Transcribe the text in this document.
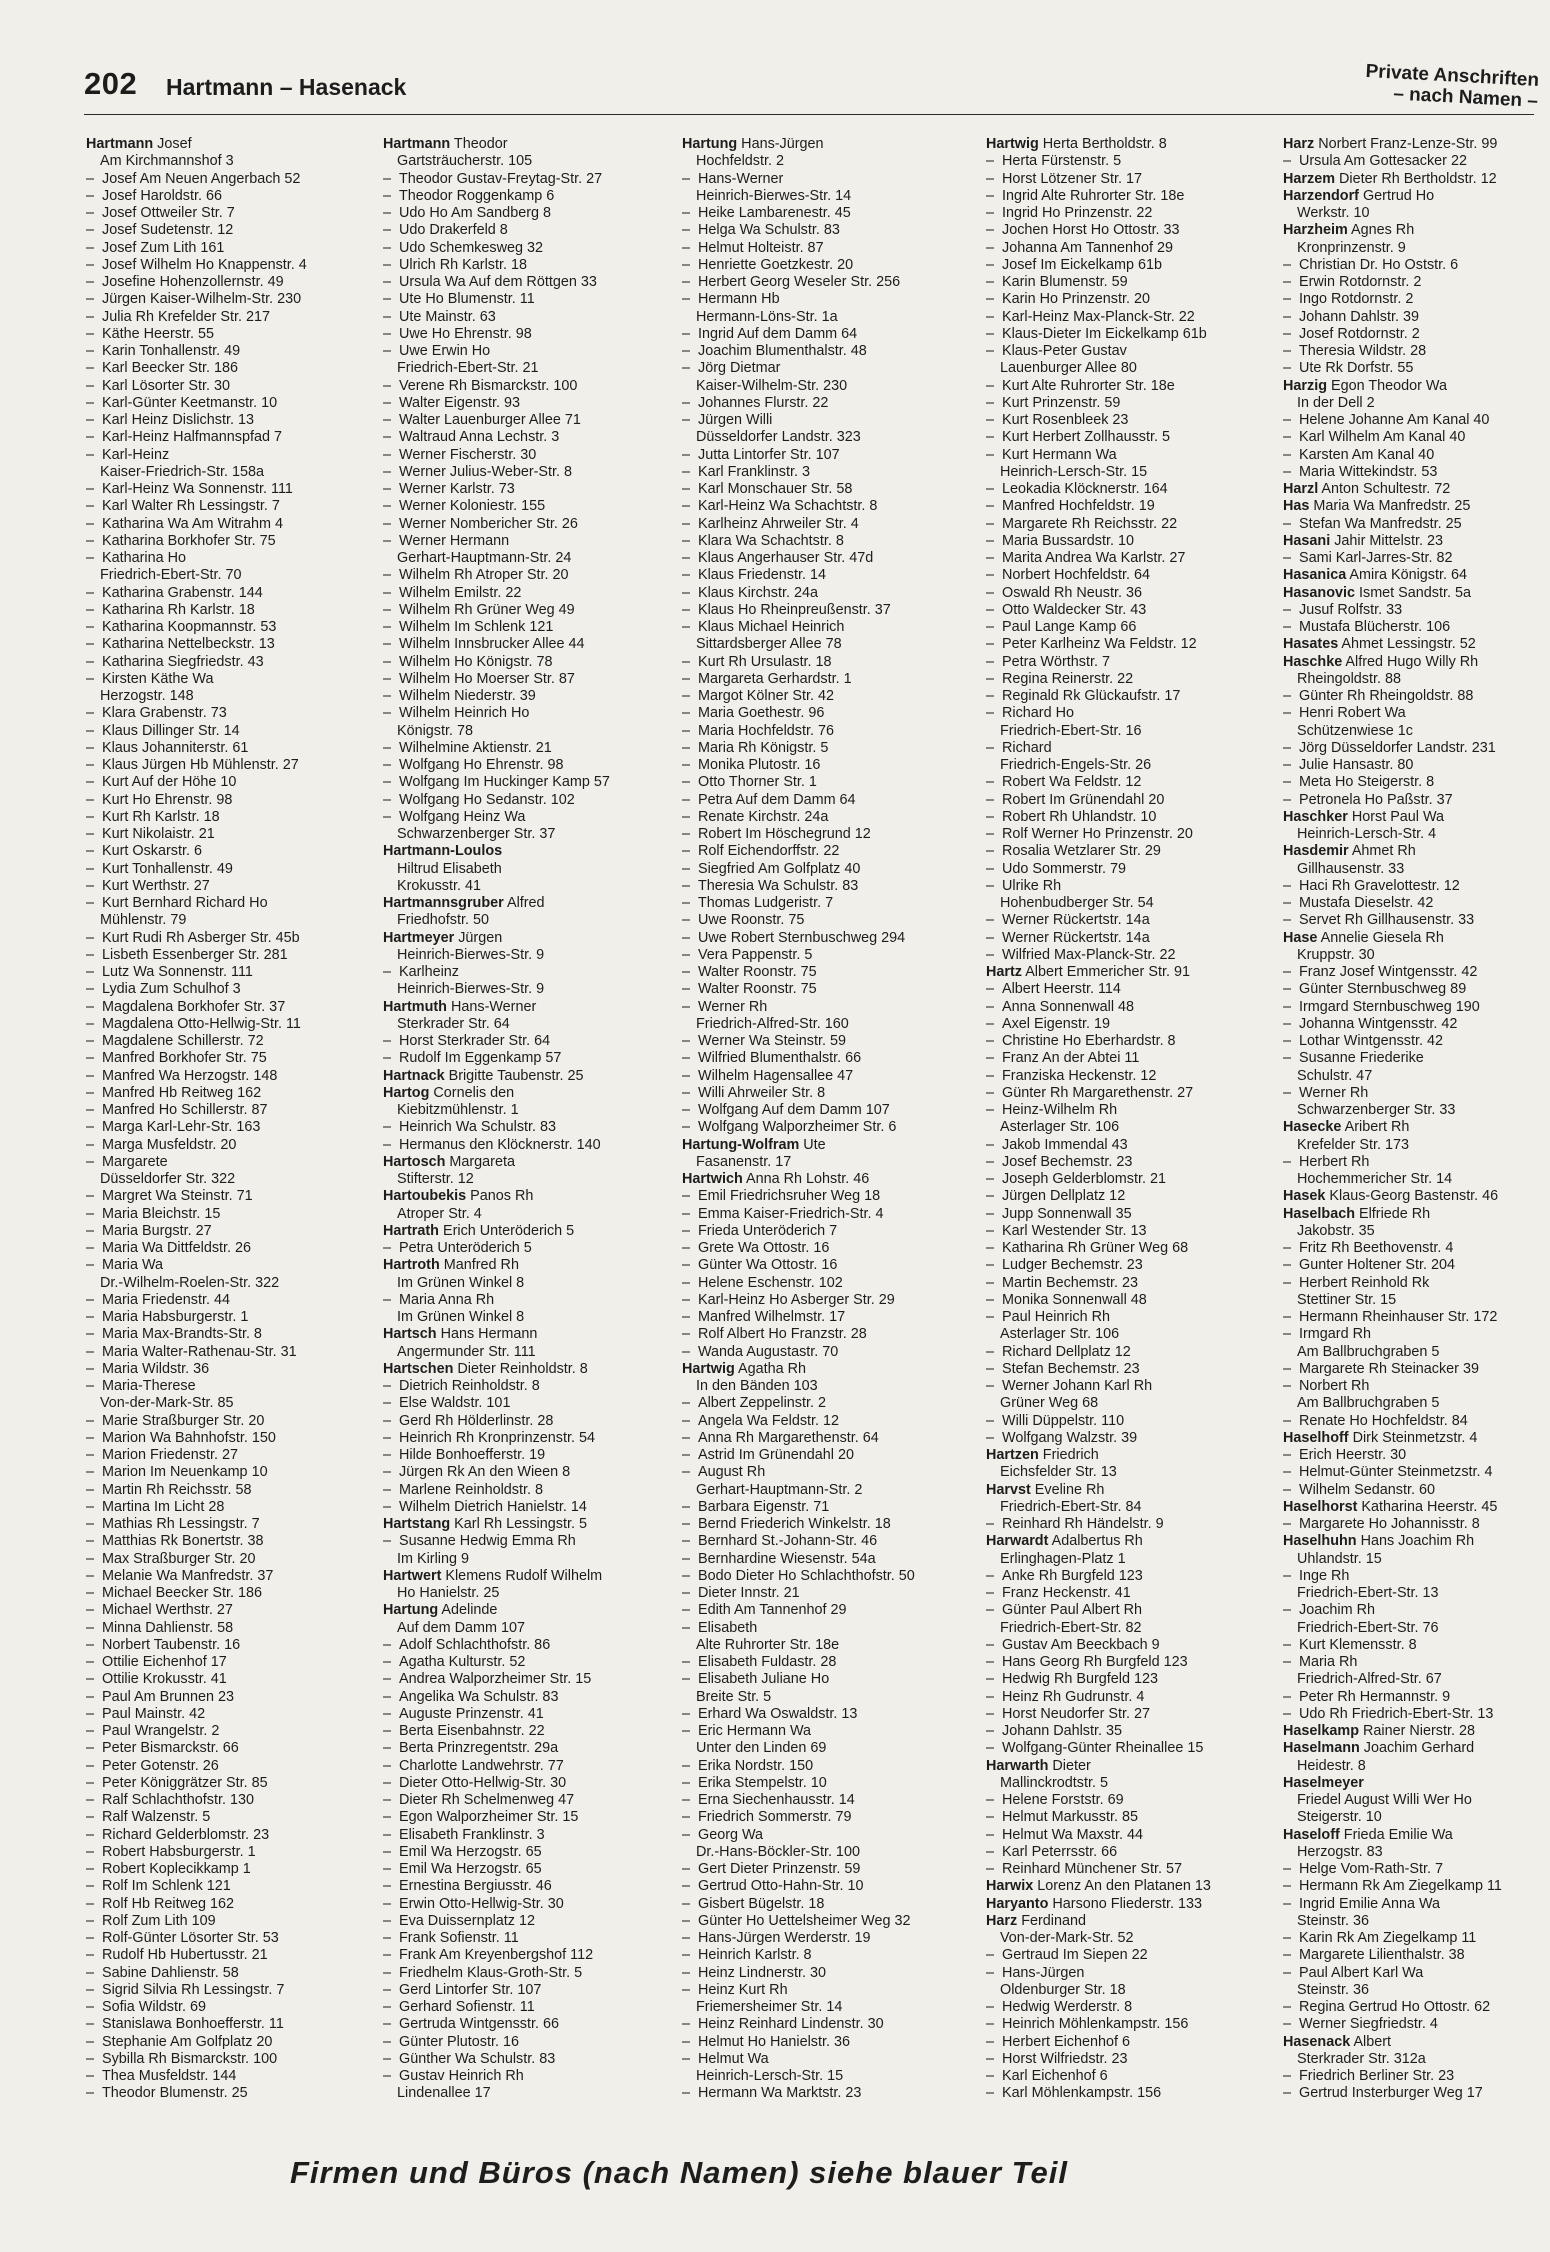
202 Hartmann – Hasenack	Private Anschriften
– nach Namen –
Hartmann Josef
Am Kirchmannshof 3
– Josef Am Neuen Angerbach 52
– Josef Haroldstr. 66
– Josef Ottweiler Str. 7
– Josef Sudetenstr. 12
– Josef Zum Lith 161
– Josef Wilhelm Ho Knappenstr. 4
– Josefine Hohenzollernstr. 49
– Jürgen Kaiser-Wilhelm-Str. 230
– Julia Rh Krefelder Str. 217
– Käthe Heerstr. 55
– Karin Tonhallenstr. 49
– Karl Beecker Str. 186
– Karl Lösorter Str. 30
– Karl-Günter Keetmanstr. 10
– Karl Heinz Dislichstr. 13
– Karl-Heinz Halfmannspfad 7
– Karl-Heinz
Kaiser-Friedrich-Str. 158a
– Karl-Heinz Wa Sonnenstr. 111
– Karl Walter Rh Lessingstr. 7
– Katharina Wa Am Witrahm 4
– Katharina Borkhofer Str. 75
– Katharina Ho
Friedrich-Ebert-Str. 70
– Katharina Grabenstr. 144
– Katharina Rh Karlstr. 18
– Katharina Koopmannstr. 53
– Katharina Nettelbeckstr. 13
– Katharina Siegfriedstr. 43
– Kirsten Käthe Wa
Herzogstr. 148
– Klara Grabenstr. 73
– Klaus Dillinger Str. 14
– Klaus Johanniterstr. 61
– Klaus Jürgen Hb Mühlenstr. 27
– Kurt Auf der Höhe 10
– Kurt Ho Ehrenstr. 98
– Kurt Rh Karlstr. 18
– Kurt Nikolaistr. 21
– Kurt Oskarstr. 6
– Kurt Tonhallenstr. 49
– Kurt Werthstr. 27
– Kurt Bernhard Richard Ho
Mühlenstr. 79
– Kurt Rudi Rh Asberger Str. 45b
– Lisbeth Essenberger Str. 281
– Lutz Wa Sonnenstr. 111
– Lydia Zum Schulhof 3
– Magdalena Borkhofer Str. 37
– Magdalena Otto-Hellwig-Str. 11
– Magdalene Schillerstr. 72
– Manfred Borkhofer Str. 75
– Manfred Wa Herzogstr. 148
– Manfred Hb Reitweg 162
– Manfred Ho Schillerstr. 87
– Marga Karl-Lehr-Str. 163
– Marga Musfeldstr. 20
– Margarete
Düsseldorfer Str. 322
– Margret Wa Steinstr. 71
– Maria Bleichstr. 15
– Maria Burgstr. 27
– Maria Wa Dittfeldstr. 26
– Maria Wa
Dr.-Wilhelm-Roelen-Str. 322
– Maria Friedenstr. 44
– Maria Habsburgerstr. 1
– Maria Max-Brandts-Str. 8
– Maria Walter-Rathenau-Str. 31
– Maria Wildstr. 36
– Maria-Therese
Von-der-Mark-Str. 85
– Marie Straßburger Str. 20
– Marion Wa Bahnhofstr. 150
– Marion Friedenstr. 27
– Marion Im Neuenkamp 10
– Martin Rh Reichsstr. 58
– Martina Im Licht 28
– Mathias Rh Lessingstr. 7
– Matthias Rk Bonertstr. 38
– Max Straßburger Str. 20
– Melanie Wa Manfredstr. 37
– Michael Beecker Str. 186
– Michael Werthstr. 27
– Minna Dahlienstr. 58
– Norbert Taubenstr. 16
– Ottilie Eichenhof 17
– Ottilie Krokusstr. 41
– Paul Am Brunnen 23
– Paul Mainstr. 42
– Paul Wrangelstr. 2
– Peter Bismarckstr. 66
– Peter Gotenstr. 26
– Peter Königgrätzer Str. 85
– Ralf Schlachthofstr. 130
– Ralf Walzenstr. 5
– Richard Gelderblomstr. 23
– Robert Habsburgerstr. 1
– Robert Koplecikkamp 1
– Rolf Im Schlenk 121
– Rolf Hb Reitweg 162
– Rolf Zum Lith 109
– Rolf-Günter Lösorter Str. 53
– Rudolf Hb Hubertusstr. 21
– Sabine Dahlienstr. 58
– Sigrid Silvia Rh Lessingstr. 7
– Sofia Wildstr. 69
– Stanislawa Bonhoefferstr. 11
– Stephanie Am Golfplatz 20
– Sybilla Rh Bismarckstr. 100
– Thea Musfeldstr. 144
– Theodor Blumenstr. 25
Hartmann Theodor
Gartsträucherstr. 105
– Theodor Gustav-Freytag-Str. 27
– Theodor Roggenkamp 6
– Udo Ho Am Sandberg 8
– Udo Drakerfeld 8
– Udo Schemkesweg 32
– Ulrich Rh Karlstr. 18
– Ursula Wa Auf dem Röttgen 33
– Ute Ho Blumenstr. 11
– Ute Mainstr. 63
– Uwe Ho Ehrenstr. 98
– Uwe Erwin Ho
Friedrich-Ebert-Str. 21
– Verene Rh Bismarckstr. 100
– Walter Eigenstr. 93
– Walter Lauenburger Allee 71
– Waltraud Anna Lechstr. 3
– Werner Fischerstr. 30
– Werner Julius-Weber-Str. 8
– Werner Karlstr. 73
– Werner Koloniestr. 155
– Werner Nombericher Str. 26
– Werner Hermann
Gerhart-Hauptmann-Str. 24
– Wilhelm Rh Atroper Str. 20
– Wilhelm Emilstr. 22
– Wilhelm Rh Grüner Weg 49
– Wilhelm Im Schlenk 121
– Wilhelm Innsbrucker Allee 44
– Wilhelm Ho Königstr. 78
– Wilhelm Ho Moerser Str. 87
– Wilhelm Niederstr. 39
– Wilhelm Heinrich Ho
Königstr. 78
– Wilhelmine Aktienstr. 21
– Wolfgang Ho Ehrenstr. 98
– Wolfgang Im Huckinger Kamp 57
– Wolfgang Ho Sedanstr. 102
– Wolfgang Heinz Wa
Schwarzenberger Str. 37
Hartmann-Loulos
Hiltrud Elisabeth
Krokusstr. 41
Hartmannsgruber Alfred
Friedhofstr. 50
Hartmeyer Jürgen
Heinrich-Bierwes-Str. 9
– Karlheinz
Heinrich-Bierwes-Str. 9
Hartmuth Hans-Werner
Sterkrader Str. 64
– Horst Sterkrader Str. 64
– Rudolf Im Eggenkamp 57
Hartnack Brigitte Taubenstr. 25
Hartog Cornelis den
Kiebitzmühlenstr. 1
– Heinrich Wa Schulstr. 83
– Hermanus den Klöcknerstr. 140
Hartosch Margareta
Stifterstr. 12
Hartoubekis Panos Rh
Atroper Str. 4
Hartrath Erich Unteröderich 5
– Petra Unteröderich 5
Hartroth Manfred Rh
Im Grünen Winkel 8
– Maria Anna Rh
Im Grünen Winkel 8
Hartsch Hans Hermann
Angermunder Str. 111
Hartschen Dieter Reinholdstr. 8
– Dietrich Reinholdstr. 8
– Else Waldstr. 101
– Gerd Rh Hölderlinstr. 28
– Heinrich Rh Kronprinzenstr. 54
– Hilde Bonhoefferstr. 19
– Jürgen Rk An den Wieen 8
– Marlene Reinholdstr. 8
– Wilhelm Dietrich Hanielstr. 14
Hartstang Karl Rh Lessingstr. 5
– Susanne Hedwig Emma Rh
Im Kirling 9
Hartwert Klemens Rudolf Wilhelm
Ho Hanielstr. 25
Hartung Adelinde
Auf dem Damm 107
– Adolf Schlachthofstr. 86
– Agatha Kulturstr. 52
– Andrea Walporzheimer Str. 15
– Angelika Wa Schulstr. 83
– Auguste Prinzenstr. 41
– Berta Eisenbahnstr. 22
– Berta Prinzregentstr. 29a
– Charlotte Landwehrstr. 77
– Dieter Otto-Hellwig-Str. 30
– Dieter Rh Schelmenweg 47
– Egon Walporzheimer Str. 15
– Elisabeth Franklinstr. 3
– Emil Wa Herzogstr. 65
– Emil Wa Herzogstr. 65
– Ernestina Bergiusstr. 46
– Erwin Otto-Hellwig-Str. 30
– Eva Duissernplatz 12
– Frank Sofienstr. 11
– Frank Am Kreyenbergshof 112
– Friedhelm Klaus-Groth-Str. 5
– Gerd Lintorfer Str. 107
– Gerhard Sofienstr. 11
– Gertruda Wintgensstr. 66
– Günter Plutostr. 16
– Günther Wa Schulstr. 83
– Gustav Heinrich Rh
Lindenallee 17
Hartung Hans-Jürgen
Hochfeldstr. 2
– Hans-Werner
Heinrich-Bierwes-Str. 14
– Heike Lambarenestr. 45
– Helga Wa Schulstr. 83
– Helmut Holteistr. 87
– Henriette Goetzkestr. 20
– Herbert Georg Weseler Str. 256
– Hermann Hb
Hermann-Löns-Str. 1a
– Ingrid Auf dem Damm 64
– Joachim Blumenthalstr. 48
– Jörg Dietmar
Kaiser-Wilhelm-Str. 230
– Johannes Flurstr. 22
– Jürgen Willi
Düsseldorfer Landstr. 323
– Jutta Lintorfer Str. 107
– Karl Franklinstr. 3
– Karl Monschauer Str. 58
– Karl-Heinz Wa Schachtstr. 8
– Karlheinz Ahrweiler Str. 4
– Klara Wa Schachtstr. 8
– Klaus Angerhauser Str. 47d
– Klaus Friedenstr. 14
– Klaus Kirchstr. 24a
– Klaus Ho Rheinpreußenstr. 37
– Klaus Michael Heinrich
Sittardsberger Allee 78
– Kurt Rh Ursulastr. 18
– Margareta Gerhardstr. 1
– Margot Kölner Str. 42
– Maria Goethestr. 96
– Maria Hochfeldstr. 76
– Maria Rh Königstr. 5
– Monika Plutostr. 16
– Otto Thorner Str. 1
– Petra Auf dem Damm 64
– Renate Kirchstr. 24a
– Robert Im Höschegrund 12
– Rolf Eichendorffstr. 22
– Siegfried Am Golfplatz 40
– Theresia Wa Schulstr. 83
– Thomas Ludgeristr. 7
– Uwe Roonstr. 75
– Uwe Robert Sternbuschweg 294
– Vera Pappenstr. 5
– Walter Roonstr. 75
– Walter Roonstr. 75
– Werner Rh
Friedrich-Alfred-Str. 160
– Werner Wa Steinstr. 59
– Wilfried Blumenthalstr. 66
– Wilhelm Hagensallee 47
– Willi Ahrweiler Str. 8
– Wolfgang Auf dem Damm 107
– Wolfgang Walporzheimer Str. 6
Hartung-Wolfram Ute
Fasanenstr. 17
Hartwich Anna Rh Lohstr. 46
– Emil Friedrichsruher Weg 18
– Emma Kaiser-Friedrich-Str. 4
– Frieda Unteröderich 7
– Grete Wa Ottostr. 16
– Günter Wa Ottostr. 16
– Helene Eschenstr. 102
– Karl-Heinz Ho Asberger Str. 29
– Manfred Wilhelmstr. 17
– Rolf Albert Ho Franzstr. 28
– Wanda Augustastr. 70
Hartwig Agatha Rh
In den Bänden 103
– Albert Zeppelinstr. 2
– Angela Wa Feldstr. 12
– Anna Rh Margarethenstr. 64
– Astrid Im Grünendahl 20
– August Rh
Gerhart-Hauptmann-Str. 2
– Barbara Eigenstr. 71
– Bernd Friederich Winkelstr. 18
– Bernhard St.-Johann-Str. 46
– Bernhardine Wiesenstr. 54a
– Bodo Dieter Ho Schlachthofstr. 50
– Dieter Innstr. 21
– Edith Am Tannenhof 29
– Elisabeth
Alte Ruhrorter Str. 18e
– Elisabeth Fuldastr. 28
– Elisabeth Juliane Ho
Breite Str. 5
– Erhard Wa Oswaldstr. 13
– Eric Hermann Wa
Unter den Linden 69
– Erika Nordstr. 150
– Erika Stempelstr. 10
– Erna Siechenhausstr. 14
– Friedrich Sommerstr. 79
– Georg Wa
Dr.-Hans-Böckler-Str. 100
– Gert Dieter Prinzenstr. 59
– Gertrud Otto-Hahn-Str. 10
– Gisbert Bügelstr. 18
– Günter Ho Uettelsheimer Weg 32
– Hans-Jürgen Werderstr. 19
– Heinrich Karlstr. 8
– Heinz Lindnerstr. 30
– Heinz Kurt Rh
Friemersheimer Str. 14
– Heinz Reinhard Lindenstr. 30
– Helmut Ho Hanielstr. 36
– Helmut Wa
Heinrich-Lersch-Str. 15
– Hermann Wa Marktstr. 23
Hartwig Herta Bertholdstr. 8
– Herta Fürstenstr. 5
– Horst Lötzener Str. 17
– Ingrid Alte Ruhrorter Str. 18e
– Ingrid Ho Prinzenstr. 22
– Jochen Horst Ho Ottostr. 33
– Johanna Am Tannenhof 29
– Josef Im Eickelkamp 61b
– Karin Blumenstr. 59
– Karin Ho Prinzenstr. 20
– Karl-Heinz Max-Planck-Str. 22
– Klaus-Dieter Im Eickelkamp 61b
– Klaus-Peter Gustav
Lauenburger Allee 80
– Kurt Alte Ruhrorter Str. 18e
– Kurt Prinzenstr. 59
– Kurt Rosenbleek 23
– Kurt Herbert Zollhausstr. 5
– Kurt Hermann Wa
Heinrich-Lersch-Str. 15
– Leokadia Klöcknerstr. 164
– Manfred Hochfeldstr. 19
– Margarete Rh Reichsstr. 22
– Maria Bussardstr. 10
– Marita Andrea Wa Karlstr. 27
– Norbert Hochfeldstr. 64
– Oswald Rh Neustr. 36
– Otto Waldecker Str. 43
– Paul Lange Kamp 66
– Peter Karlheinz Wa Feldstr. 12
– Petra Wörthstr. 7
– Regina Reinerstr. 22
– Reginald Rk Glückaufstr. 17
– Richard Ho
Friedrich-Ebert-Str. 16
– Richard
Friedrich-Engels-Str. 26
– Robert Wa Feldstr. 12
– Robert Im Grünendahl 20
– Robert Rh Uhlandstr. 10
– Rolf Werner Ho Prinzenstr. 20
– Rosalia Wetzlarer Str. 29
– Udo Sommerstr. 79
– Ulrike Rh
Hohenbudberger Str. 54
– Werner Rückertstr. 14a
– Werner Rückertstr. 14a
– Wilfried Max-Planck-Str. 22
Hartz Albert Emmericher Str. 91
– Albert Heerstr. 114
– Anna Sonnenwall 48
– Axel Eigenstr. 19
– Christine Ho Eberhardstr. 8
– Franz An der Abtei 11
– Franziska Heckenstr. 12
– Günter Rh Margarethenstr. 27
– Heinz-Wilhelm Rh
Asterlager Str. 106
– Jakob Immendal 43
– Josef Bechemstr. 23
– Joseph Gelderblomstr. 21
– Jürgen Dellplatz 12
– Jupp Sonnenwall 35
– Karl Westender Str. 13
– Katharina Rh Grüner Weg 68
– Ludger Bechemstr. 23
– Martin Bechemstr. 23
– Monika Sonnenwall 48
– Paul Heinrich Rh
Asterlager Str. 106
– Richard Dellplatz 12
– Stefan Bechemstr. 23
– Werner Johann Karl Rh
Grüner Weg 68
– Willi Düppelstr. 110
– Wolfgang Walzstr. 39
Hartzen Friedrich
Eichsfelder Str. 13
Harvst Eveline Rh
Friedrich-Ebert-Str. 84
– Reinhard Rh Händelstr. 9
Harwardt Adalbertus Rh
Erlinghagen-Platz 1
– Anke Rh Burgfeld 123
– Franz Heckenstr. 41
– Günter Paul Albert Rh
Friedrich-Ebert-Str. 82
– Gustav Am Beeckbach 9
– Hans Georg Rh Burgfeld 123
– Hedwig Rh Burgfeld 123
– Heinz Rh Gudrunstr. 4
– Horst Neudorfer Str. 27
– Johann Dahlstr. 35
– Wolfgang-Günter Rheinallee 15
Harwarth Dieter
Mallinckrodtstr. 5
– Helene Forststr. 69
– Helmut Markusstr. 85
– Helmut Wa Maxstr. 44
– Karl Peterrsstr. 66
– Reinhard Münchener Str. 57
Harwix Lorenz An den Platanen 13
Haryanto Harsono Fliederstr. 133
Harz Ferdinand
Von-der-Mark-Str. 52
– Gertraud Im Siepen 22
– Hans-Jürgen
Oldenburger Str. 18
– Hedwig Werderstr. 8
– Heinrich Möhlenkampstr. 156
– Herbert Eichenhof 6
– Horst Wilfriedstr. 23
– Karl Eichenhof 6
– Karl Möhlenkampstr. 156
Harz Norbert Franz-Lenze-Str. 99
– Ursula Am Gottesacker 22
Harzem Dieter Rh Bertholdstr. 12
Harzendorf Gertrud Ho
Werkstr. 10
Harzheim Agnes Rh
Kronprinzenstr. 9
– Christian Dr. Ho Oststr. 6
– Erwin Rotdornstr. 2
– Ingo Rotdornstr. 2
– Johann Dahlstr. 39
– Josef Rotdornstr. 2
– Theresia Wildstr. 28
– Ute Rk Dorfstr. 55
Harzig Egon Theodor Wa
In der Dell 2
– Helene Johanne Am Kanal 40
– Karl Wilhelm Am Kanal 40
– Karsten Am Kanal 40
– Maria Wittekindstr. 53
Harzl Anton Schultestr. 72
Has Maria Wa Manfredstr. 25
– Stefan Wa Manfredstr. 25
Hasani Jahir Mittelstr. 23
– Sami Karl-Jarres-Str. 82
Hasanica Amira Königstr. 64
Hasanovic Ismet Sandstr. 5a
– Jusuf Rolfstr. 33
– Mustafa Blücherstr. 106
Hasates Ahmet Lessingstr. 52
Haschke Alfred Hugo Willy Rh
Rheingoldstr. 88
– Günter Rh Rheingoldstr. 88
– Henri Robert Wa
Schützenwiese 1c
– Jörg Düsseldorfer Landstr. 231
– Julie Hansastr. 80
– Meta Ho Steigerstr. 8
– Petronela Ho Paßstr. 37
Haschker Horst Paul Wa
Heinrich-Lersch-Str. 4
Hasdemir Ahmet Rh
Gillhausenstr. 33
– Haci Rh Gravelottestr. 12
– Mustafa Dieselstr. 42
– Servet Rh Gillhausenstr. 33
Hase Annelie Giesela Rh
Kruppstr. 30
– Franz Josef Wintgensstr. 42
– Günter Sternbuschweg 89
– Irmgard Sternbuschweg 190
– Johanna Wintgensstr. 42
– Lothar Wintgensstr. 42
– Susanne Friederike
Schulstr. 47
– Werner Rh
Schwarzenberger Str. 33
Hasecke Aribert Rh
Krefelder Str. 173
– Herbert Rh
Hochemmericher Str. 14
Hasek Klaus-Georg Bastenstr. 46
Haselbach Elfriede Rh
Jakobstr. 35
– Fritz Rh Beethovenstr. 4
– Gunter Holtener Str. 204
– Herbert Reinhold Rk
Stettiner Str. 15
– Hermann Rheinhauser Str. 172
– Irmgard Rh
Am Ballbruchgraben 5
– Margarete Rh Steinacker 39
– Norbert Rh
Am Ballbruchgraben 5
– Renate Ho Hochfeldstr. 84
Haselhoff Dirk Steinmetzstr. 4
– Erich Heerstr. 30
– Helmut-Günter Steinmetzstr. 4
– Wilhelm Sedanstr. 60
Haselhorst Katharina Heerstr. 45
– Margarete Ho Johannisstr. 8
Haselhuhn Hans Joachim Rh
Uhlandstr. 15
– Inge Rh
Friedrich-Ebert-Str. 13
– Joachim Rh
Friedrich-Ebert-Str. 76
– Kurt Klemensstr. 8
– Maria Rh
Friedrich-Alfred-Str. 67
– Peter Rh Hermannstr. 9
– Udo Rh Friedrich-Ebert-Str. 13
Haselkamp Rainer Nierstr. 28
Haselmann Joachim Gerhard
Heidestr. 8
Haselmeyer
Friedel August Willi Wer Ho
Steigerstr. 10
Haseloff Frieda Emilie Wa
Herzogstr. 83
– Helge Vom-Rath-Str. 7
– Hermann Rk Am Ziegelkamp 11
– Ingrid Emilie Anna Wa
Steinstr. 36
– Karin Rk Am Ziegelkamp 11
– Margarete Lilienthalstr. 38
– Paul Albert Karl Wa
Steinstr. 36
– Regina Gertrud Ho Ottostr. 62
– Werner Siegfriedstr. 4
Hasenack Albert
Sterkrader Str. 312a
– Friedrich Berliner Str. 23
– Gertrud Insterburger Weg 17
Firmen und Büros (nach Namen) siehe blauer Teil
